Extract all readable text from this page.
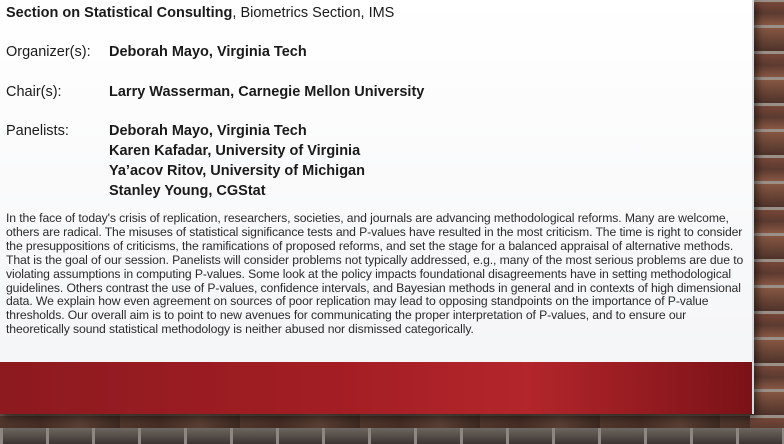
Section on Statistical Consulting, Biometrics Section, IMS
Organizer(s): Deborah Mayo, Virginia Tech
Chair(s):	Larry Wasserman, Carnegie Mellon University
Panelists:	Deborah Mayo, Virginia Tech
Karen Kafadar, University of Virginia
Ya’acov Ritov, University of Michigan
Stanley Young, CGStat

In the face of today's crisis of replication, researchers, societies, and journals are advancing methodological reforms. Many are welcome, others are radical. The misuses of statistical significance tests and P-values have resulted in the most criticism. The time is right to consider the presuppositions of criticisms, the ramifications of proposed reforms, and set the stage for a balanced appraisal of alternative methods. That is the goal of our session. Panelists will consider problems not typically addressed, e.g., many of the most serious problems are due to violating assumptions in computing P-values. Some look at the policy impacts foundational disagreements have in setting methodological guidelines. Others contrast the use of P-values, confidence intervals, and Bayesian methods in general and in contexts of high dimensional data. We explain how even agreement on sources of poor replication may lead to opposing standpoints on the importance of P-value thresholds. Our overall aim is to point to new avenues for communicating the proper interpretation of P-values, and to ensure our theoretically sound statistical methodology is neither abused nor dismissed categorically.
